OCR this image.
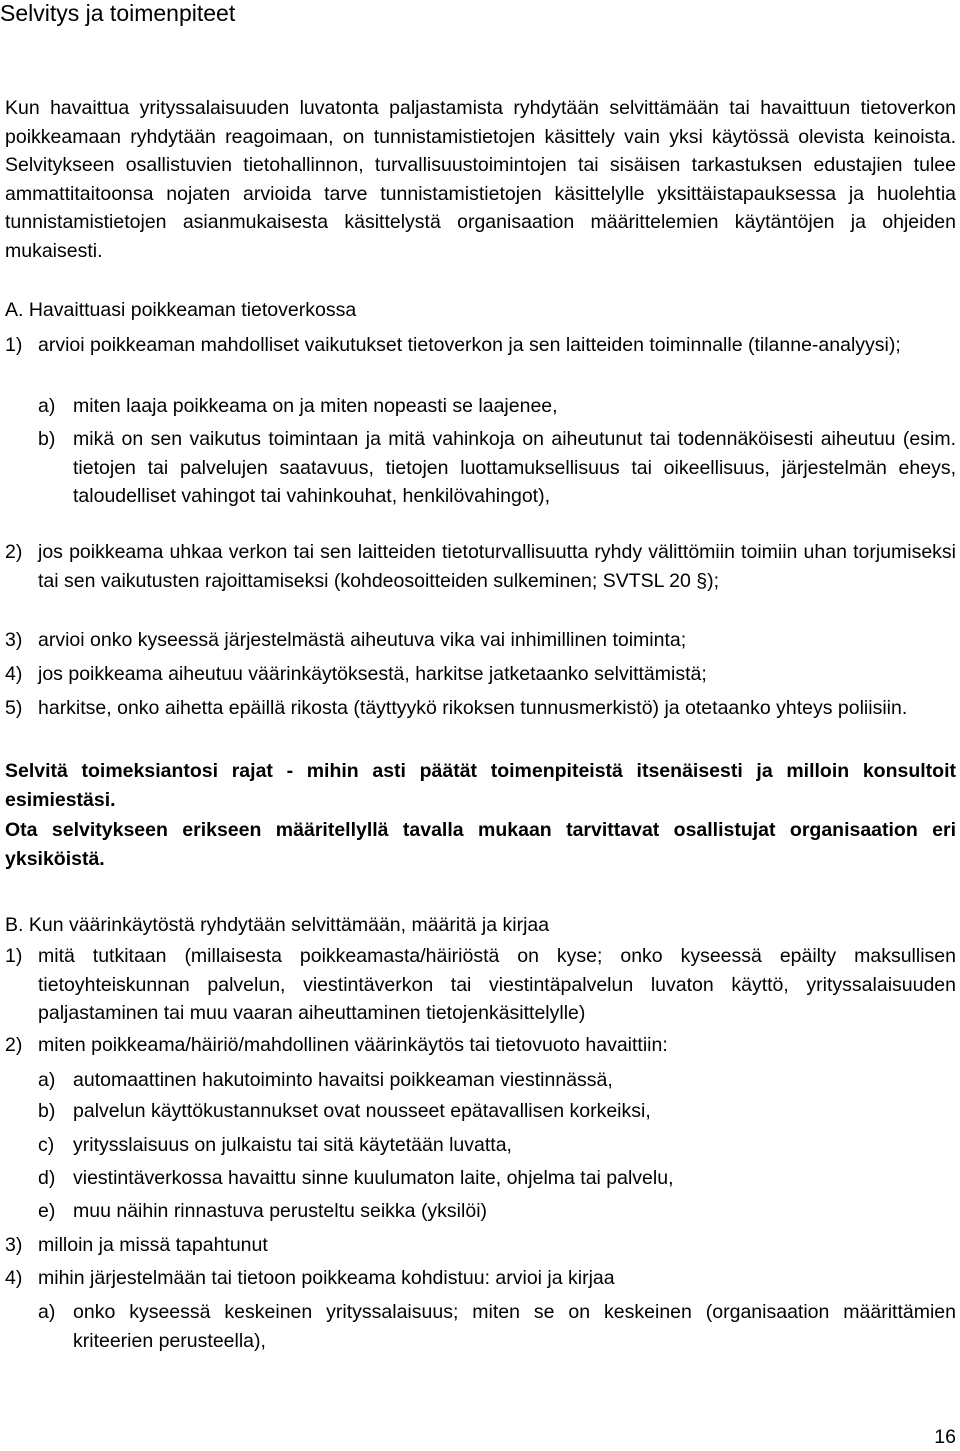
Selvitys ja toimenpiteet

Kun havaittua yrityssalaisuuden luvatonta paljastamista ryhdytään selvittämään tai havaittuun tietoverkon poikkeamaan ryhdytään reagoimaan, on tunnistamistietojen käsittely vain yksi käytössä olevista keinoista. Selvitykseen osallistuvien tietohallinnon, turvallisuustoimintojen tai sisäisen tarkastuksen edustajien tulee ammattitaitoonsa nojaten arvioida tarve tunnistamistietojen käsittelylle yksittäistapauksessa ja huolehtia tunnistamistietojen asianmukaisesta käsittelystä organisaation määrittelemien käytäntöjen ja ohjeiden mukaisesti.

A. Havaittuasi poikkeaman tietoverkossa

1) arvioi poikkeaman mahdolliset vaikutukset tietoverkon ja sen laitteiden toiminnalle (tilanne-analyysi);

a) miten laaja poikkeama on ja miten nopeasti se laajenee,

b) mikä on sen vaikutus toimintaan ja mitä vahinkoja on aiheutunut tai todennäköisesti aiheutuu (esim. tietojen tai palvelujen saatavuus, tietojen luottamuksellisuus tai oikeellisuus, järjestelmän eheys, taloudelliset vahingot tai vahinkouhat, henkilövahingot),

2) jos poikkeama uhkaa verkon tai sen laitteiden tietoturvallisuutta ryhdy välittömiin toimiin uhan torjumiseksi tai sen vaikutusten rajoittamiseksi (kohdeosoitteiden sulkeminen; SVTSL 20 §);

3) arvioi onko kyseessä järjestelmästä aiheutuva vika vai inhimillinen toiminta;

4) jos poikkeama aiheutuu väärinkäytöksestä, harkitse jatketaanko selvittämistä;

5) harkitse, onko aihetta epäillä rikosta (täyttyykö rikoksen tunnusmerkistö) ja otetaanko yhteys poliisiin.

Selvitä toimeksiantosi rajat - mihin asti päätät toimenpiteistä itsenäisesti ja milloin konsultoit esimiestäsi.

Ota selvitykseen erikseen määritellyllä tavalla mukaan tarvittavat osallistujat organisaation eri yksiköistä.

B. Kun väärinkäytöstä ryhdytään selvittämään, määritä ja kirjaa

1) mitä tutkitaan (millaisesta poikkeamasta/häiriöstä on kyse; onko kyseessä epäilty maksullisen tietoyhteiskunnan palvelun, viestintäverkon tai viestintäpalvelun luvaton käyttö, yrityssalaisuuden paljastaminen tai muu vaaran aiheuttaminen tietojenkäsittelylle)

2) miten poikkeama/häiriö/mahdollinen väärinkäytös tai tietovuoto havaittiin:

a) automaattinen hakutoiminto havaitsi poikkeaman viestinnässä,

b) palvelun käyttökustannukset ovat nousseet epätavallisen korkeiksi,

c) yritysslaisuus on julkaistu tai sitä käytetään luvatta,

d) viestintäverkossa havaittu sinne kuulumaton laite, ohjelma tai palvelu,

e) muu näihin rinnastuva perusteltu seikka (yksilöi)

3) milloin ja missä tapahtunut

4) mihin järjestelmään tai tietoon poikkeama kohdistuu: arvioi ja kirjaa

a) onko kyseessä keskeinen yrityssalaisuus; miten se on keskeinen (organisaation määrittämien kriteerien perusteella),

16
